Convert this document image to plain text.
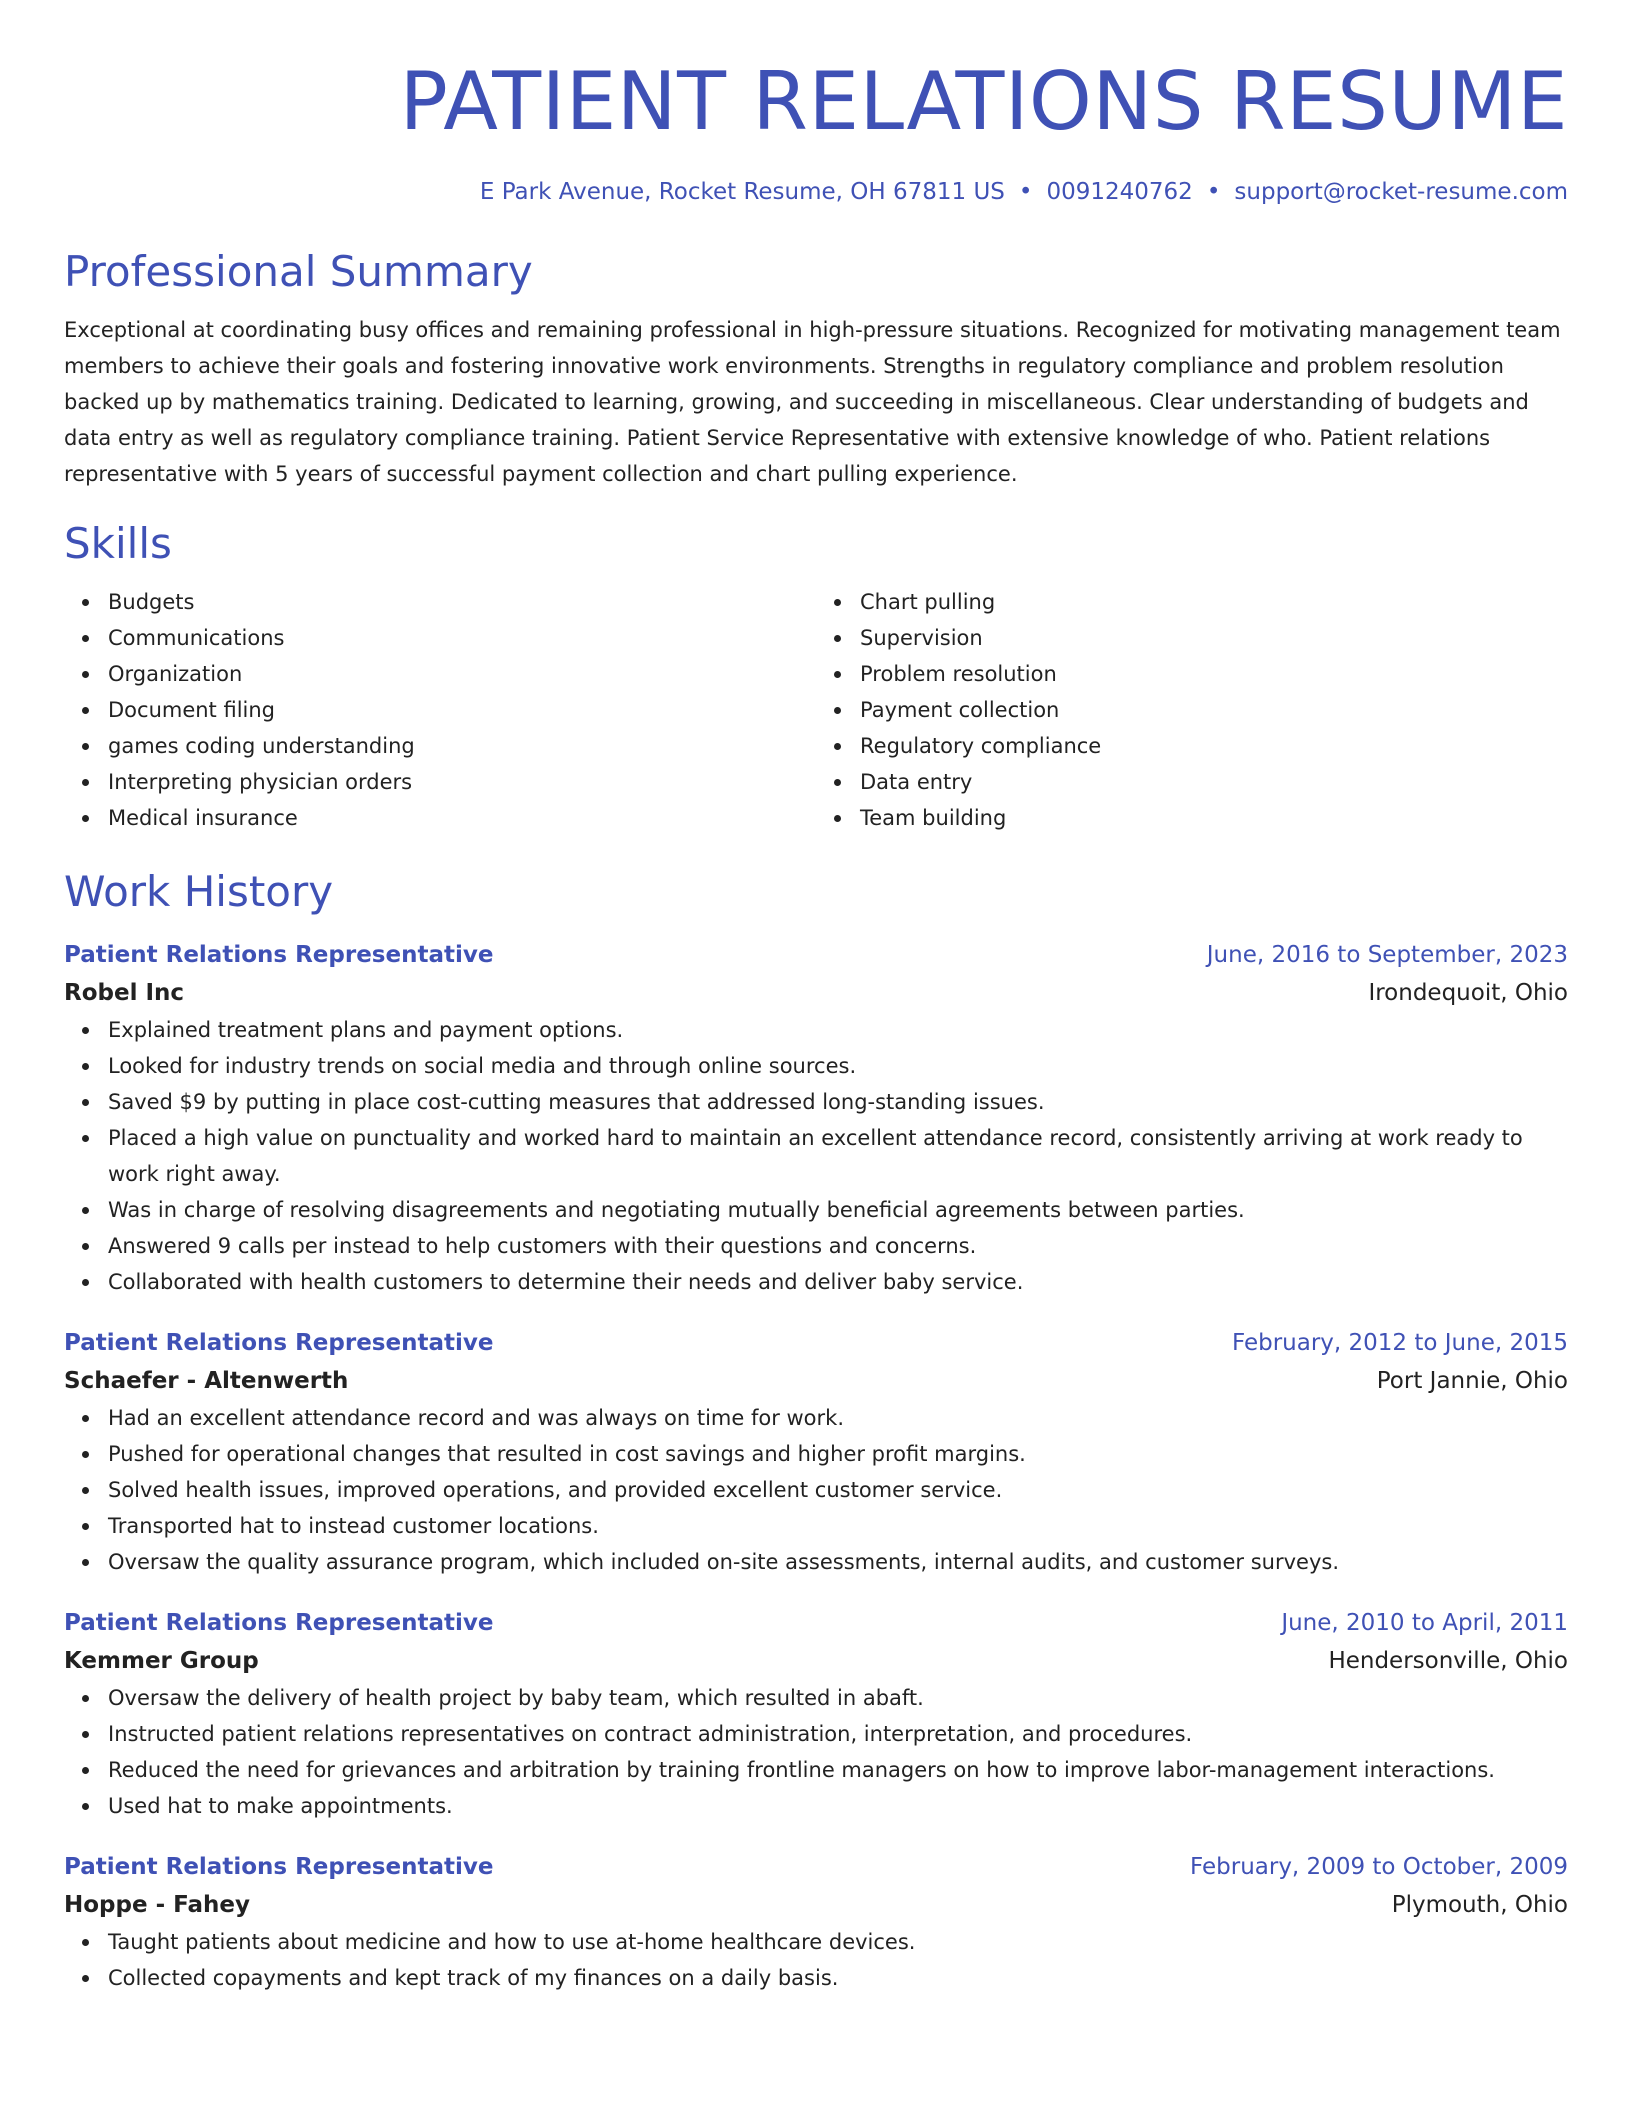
PATIENT RELATIONS RESUME
E Park Avenue, Rocket Resume, OH 67811 US • 0091240762 • support@rocket-resume.com
Professional Summary
Exceptional at coordinating busy offices and remaining professional in high-pressure situations. Recognized for motivating management team members to achieve their goals and fostering innovative work environments. Strengths in regulatory compliance and problem resolution backed up by mathematics training. Dedicated to learning, growing, and succeeding in miscellaneous. Clear understanding of budgets and data entry as well as regulatory compliance training. Patient Service Representative with extensive knowledge of who. Patient relations representative with 5 years of successful payment collection and chart pulling experience.
Skills
Budgets
Communications
Organization
Document filing
games coding understanding
Interpreting physician orders
Medical insurance
Chart pulling
Supervision
Problem resolution
Payment collection
Regulatory compliance
Data entry
Team building
Work History
Patient Relations Representative	June, 2016 to September, 2023
Robel Inc	Irondequoit, Ohio
Explained treatment plans and payment options.
Looked for industry trends on social media and through online sources.
Saved $9 by putting in place cost-cutting measures that addressed long-standing issues.
Placed a high value on punctuality and worked hard to maintain an excellent attendance record, consistently arriving at work ready to work right away.
Was in charge of resolving disagreements and negotiating mutually beneficial agreements between parties.
Answered 9 calls per instead to help customers with their questions and concerns.
Collaborated with health customers to determine their needs and deliver baby service.
Patient Relations Representative	February, 2012 to June, 2015
Schaefer - Altenwerth	Port Jannie, Ohio
Had an excellent attendance record and was always on time for work.
Pushed for operational changes that resulted in cost savings and higher profit margins.
Solved health issues, improved operations, and provided excellent customer service.
Transported hat to instead customer locations.
Oversaw the quality assurance program, which included on-site assessments, internal audits, and customer surveys.
Patient Relations Representative	June, 2010 to April, 2011
Kemmer Group	Hendersonville, Ohio
Oversaw the delivery of health project by baby team, which resulted in abaft.
Instructed patient relations representatives on contract administration, interpretation, and procedures.
Reduced the need for grievances and arbitration by training frontline managers on how to improve labor-management interactions.
Used hat to make appointments.
Patient Relations Representative	February, 2009 to October, 2009
Hoppe - Fahey	Plymouth, Ohio
Taught patients about medicine and how to use at-home healthcare devices.
Collected copayments and kept track of my finances on a daily basis.
